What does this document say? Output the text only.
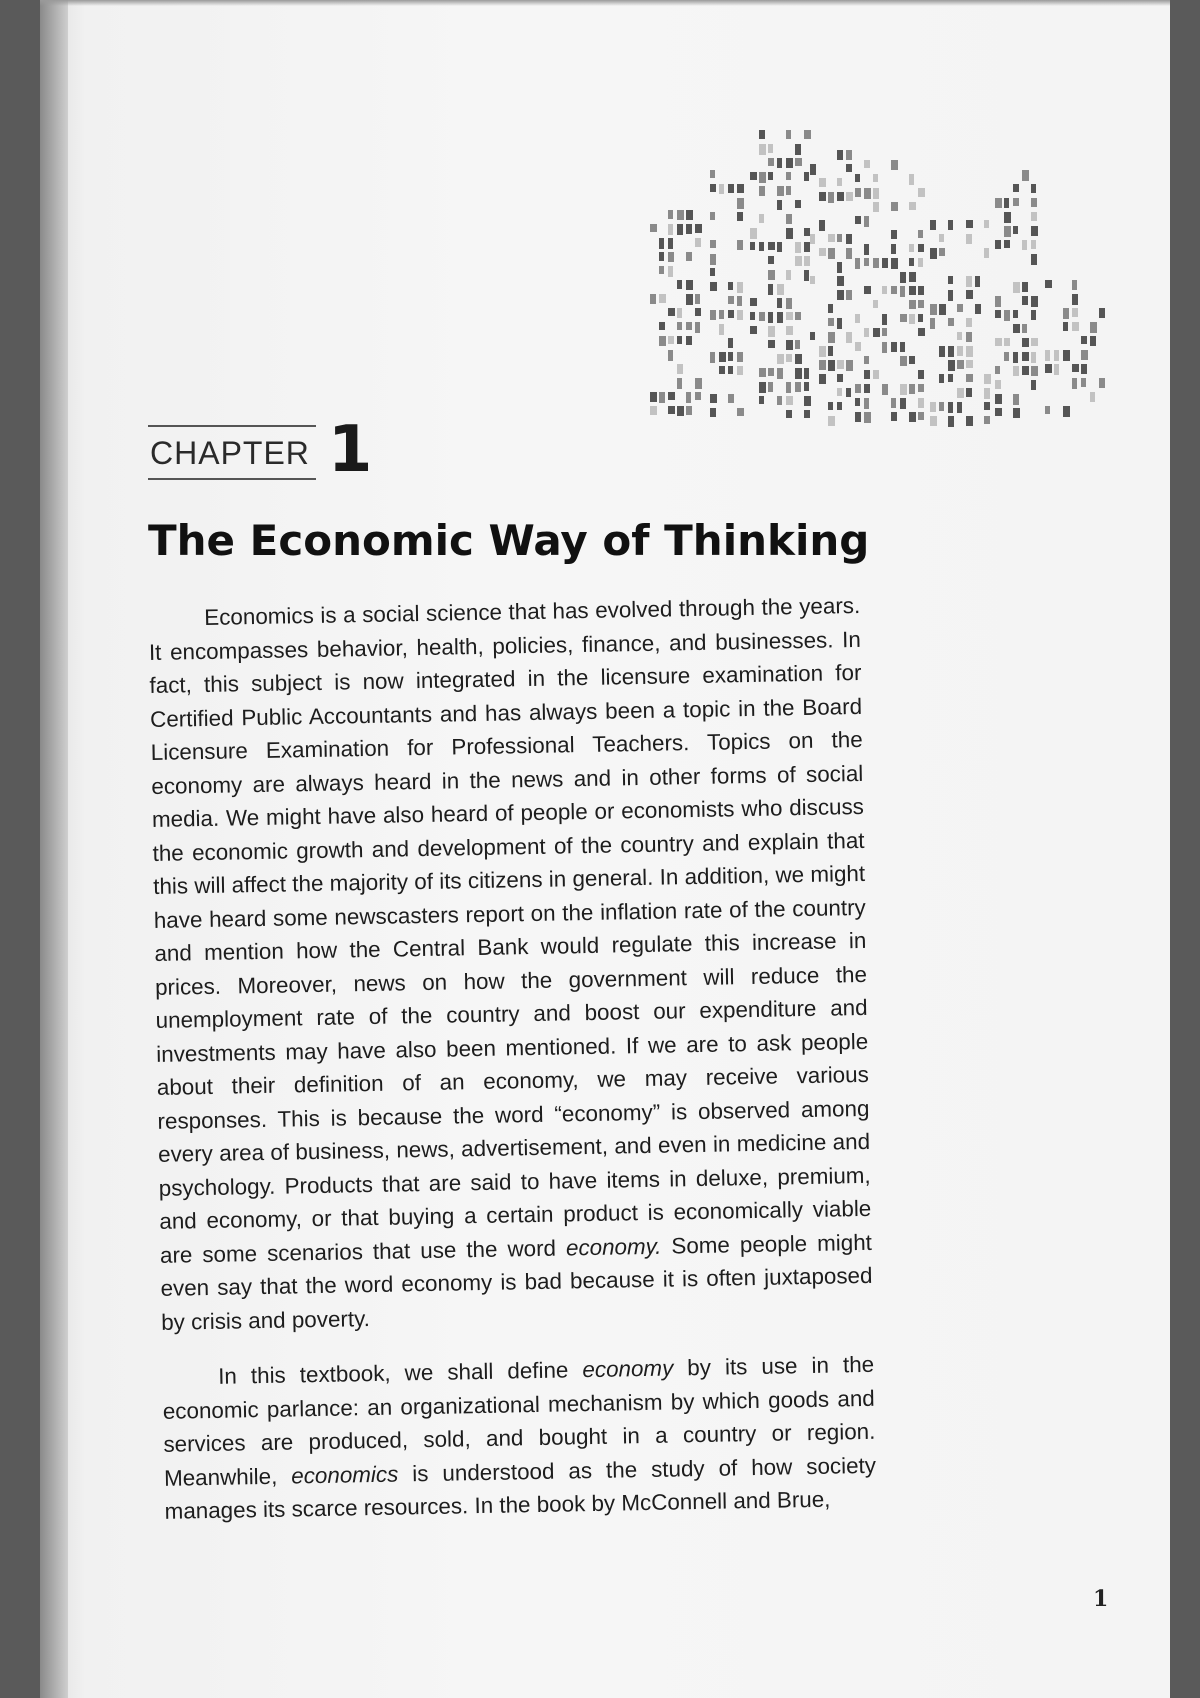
CHAPTER 1
The Economic Way of Thinking

Economics is a social science that has evolved through the years. It encompasses behavior, health, policies, finance, and businesses. In fact, this subject is now integrated in the licensure examination for Certified Public Accountants and has always been a topic in the Board Licensure Examination for Professional Teachers. Topics on the economy are always heard in the news and in other forms of social media. We might have also heard of people or economists who discuss the economic growth and development of the country and explain that this will affect the majority of its citizens in general. In addition, we might have heard some newscasters report on the inflation rate of the country and mention how the Central Bank would regulate this increase in prices. Moreover, news on how the government will reduce the unemployment rate of the country and boost our expenditure and investments may have also been mentioned. If we are to ask people about their definition of an economy, we may receive various responses. This is because the word “economy” is observed among every area of business, news, advertisement, and even in medicine and psychology. Products that are said to have items in deluxe, premium, and economy, or that buying a certain product is economically viable are some scenarios that use the word economy. Some people might even say that the word economy is bad because it is often juxtaposed by crisis and poverty.

In this textbook, we shall define economy by its use in the economic parlance: an organizational mechanism by which goods and services are produced, sold, and bought in a country or region. Meanwhile, economics is understood as the study of how society manages its scarce resources. In the book by McConnell and Brue,

1
